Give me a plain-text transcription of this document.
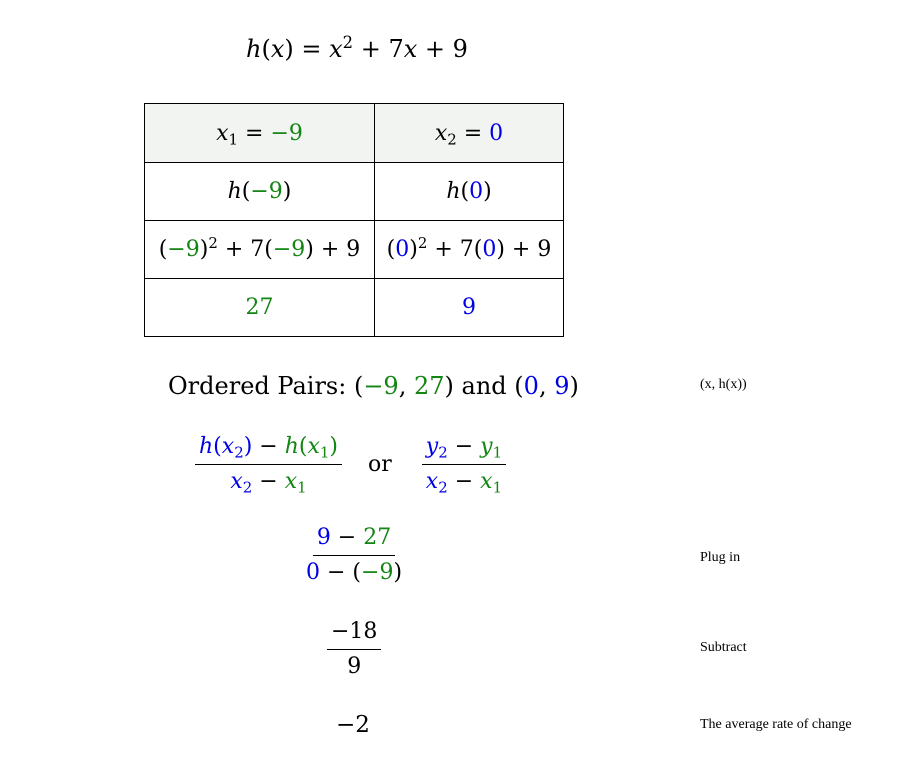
$h(x) = x^2 + 7x + 9$
$x_1 = -9$	$x_2 = 0$
h(−9)	h(0)
$(-9)^2 + 7(-9) + 9$	$(0)^2 + 7(0) + 9$
27	9
Ordered Pairs: (−9, 27) and (0, 9)
$\frac{h(x_2) - h(x_1)}{x_2 - x_1}$ or $\frac{y_2 - y_1}{x_2 - x_1}$
$\frac{9 - 27}{0 - (-9)}$
$\frac{-18}{9}$
−2
(x, h(x))
Plug in
Subtract
The average rate of change
